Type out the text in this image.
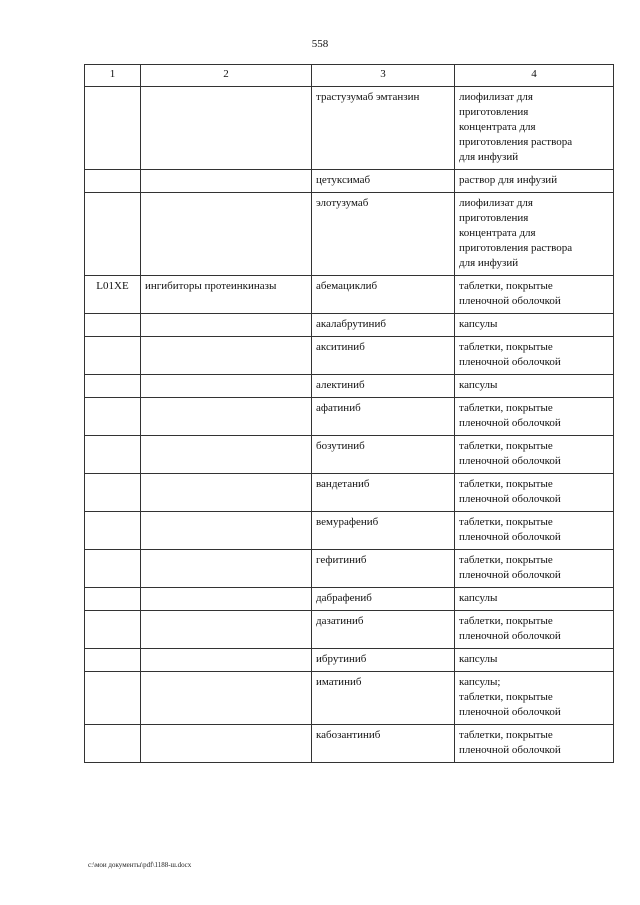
558
1	2	3	4
		трастузумаб эмтанзин	лиофилизат для
приготовления
концентрата для
приготовления раствора
для инфузий
		цетуксимаб	раствор для инфузий
		элотузумаб	лиофилизат для
приготовления
концентрата для
приготовления раствора
для инфузий
L01XE	ингибиторы протеинкиназы	абемациклиб	таблетки, покрытые
пленочной оболочкой
		акалабрутиниб	капсулы
		акситиниб	таблетки, покрытые
пленочной оболочкой
		алектиниб	капсулы
		афатиниб	таблетки, покрытые
пленочной оболочкой
		бозутиниб	таблетки, покрытые
пленочной оболочкой
		вандетаниб	таблетки, покрытые
пленочной оболочкой
		вемурафениб	таблетки, покрытые
пленочной оболочкой
		гефитиниб	таблетки, покрытые
пленочной оболочкой
		дабрафениб	капсулы
		дазатиниб	таблетки, покрытые
пленочной оболочкой
		ибрутиниб	капсулы
		иматиниб	капсулы;
таблетки, покрытые
пленочной оболочкой
		кабозантиниб	таблетки, покрытые
пленочной оболочкой
c:\мои документы\pdf\1188-ш.docx
